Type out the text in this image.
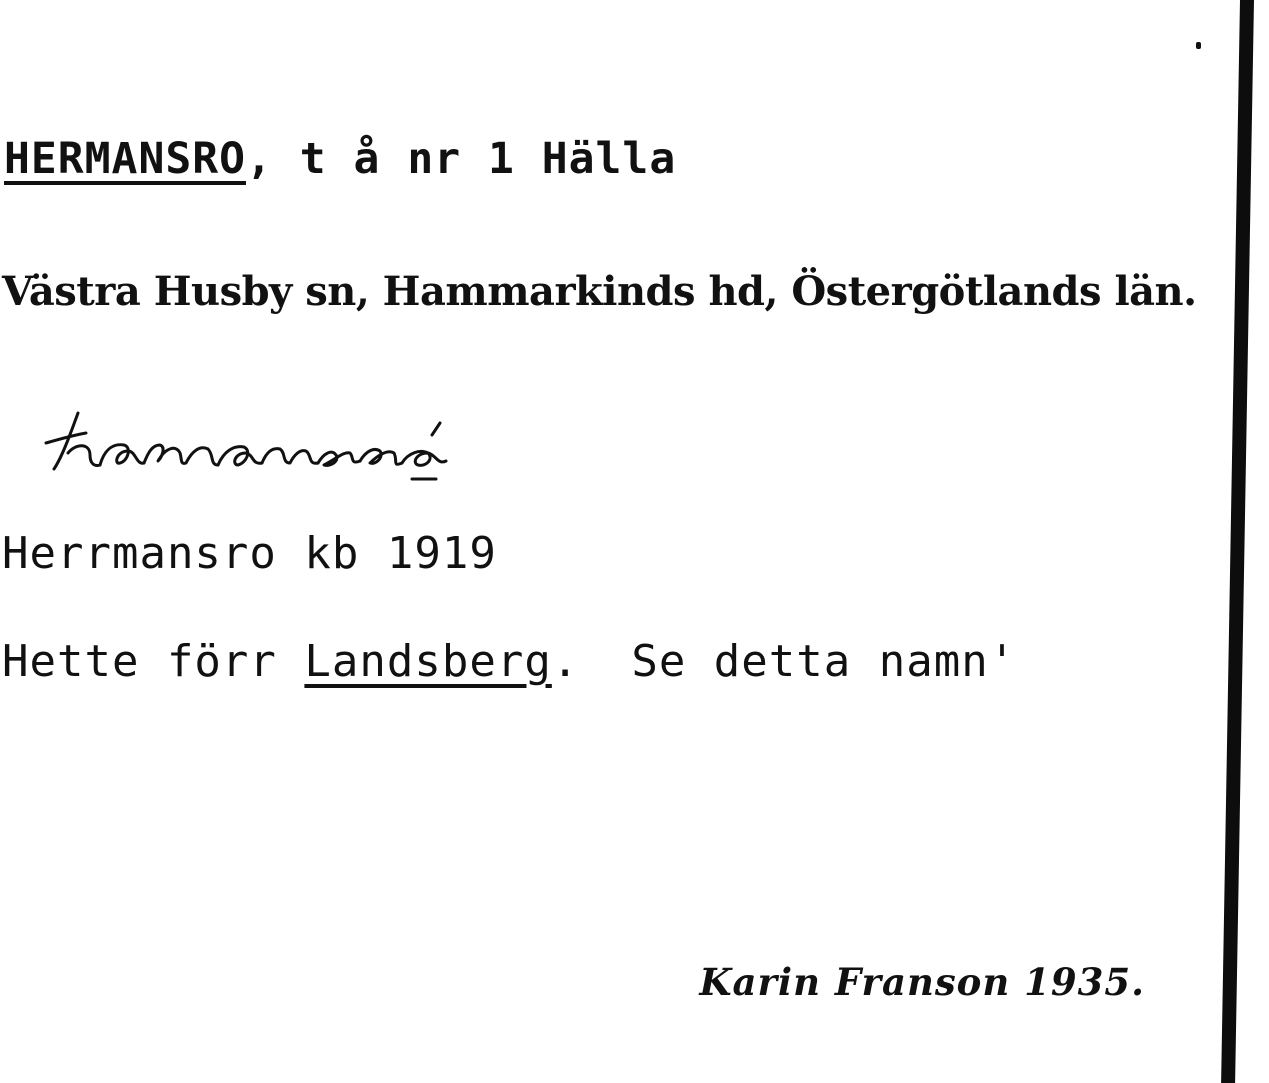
HERMANSRO, t å nr 1 Hälla
Västra Husby sn, Hammarkinds hd, Östergötlands län.
Herrmansro kb 1919
Hette förr Landsberg. Se detta namn'
Karin Franson 1935.
